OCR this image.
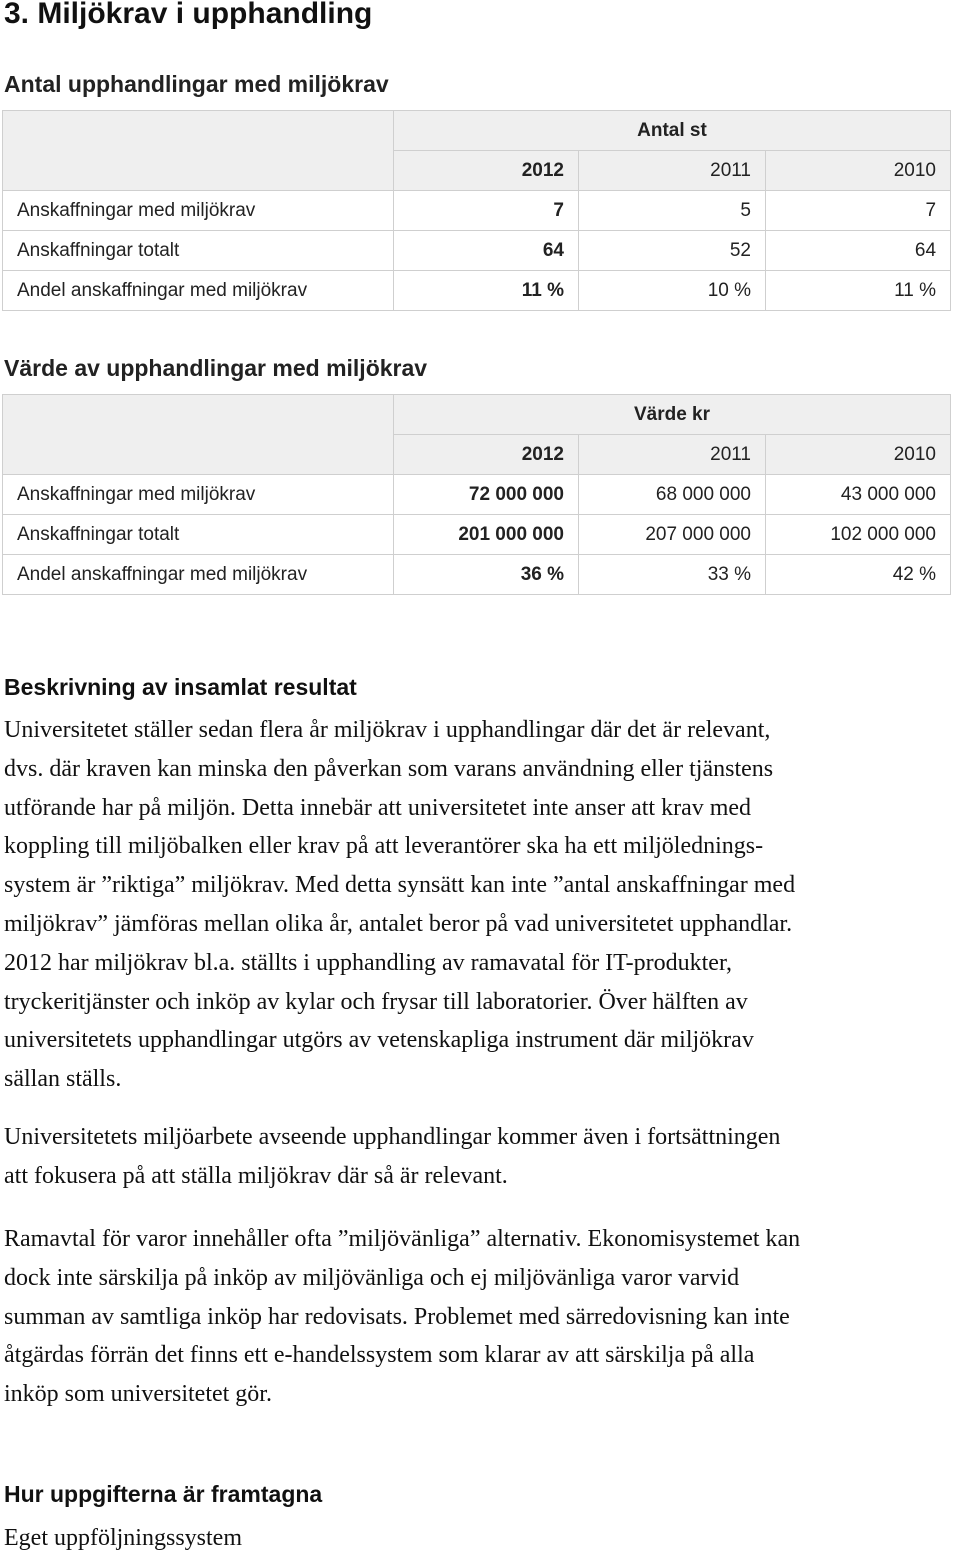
3. Miljökrav i upphandling
Antal upphandlingar med miljökrav
	Antal st		
	2012	2011	2010
Anskaffningar med miljökrav	7	5	7
Anskaffningar totalt	64	52	64
Andel anskaffningar med miljökrav	11 %	10 %	11 %
Värde av upphandlingar med miljökrav
	Värde kr		
	2012	2011	2010
Anskaffningar med miljökrav	72 000 000	68 000 000	43 000 000
Anskaffningar totalt	201 000 000	207 000 000	102 000 000
Andel anskaffningar med miljökrav	36 %	33 %	42 %
Beskrivning av insamlat resultat
Universitetet ställer sedan flera år miljökrav i upphandlingar där det är relevant,
dvs. där kraven kan minska den påverkan som varans användning eller tjänstens
utförande har på miljön. Detta innebär att universitetet inte anser att krav med
koppling till miljöbalken eller krav på att leverantörer ska ha ett miljölednings-
system är ”riktiga” miljökrav. Med detta synsätt kan inte ”antal anskaffningar med
miljökrav” jämföras mellan olika år, antalet beror på vad universitetet upphandlar.
2012 har miljökrav bl.a. ställts i upphandling av ramavatal för IT-produkter,
tryckeritjänster och inköp av kylar och frysar till laboratorier. Över hälften av
universitetets upphandlingar utgörs av vetenskapliga instrument där miljökrav
sällan ställs.
Universitetets miljöarbete avseende upphandlingar kommer även i fortsättningen
att fokusera på att ställa miljökrav där så är relevant.
Ramavtal för varor innehåller ofta ”miljövänliga” alternativ. Ekonomisystemet kan
dock inte särskilja på inköp av miljövänliga och ej miljövänliga varor varvid
summan av samtliga inköp har redovisats. Problemet med särredovisning kan inte
åtgärdas förrän det finns ett e-handelssystem som klarar av att särskilja på alla
inköp som universitetet gör.
Hur uppgifterna är framtagna
Eget uppföljningssystem
